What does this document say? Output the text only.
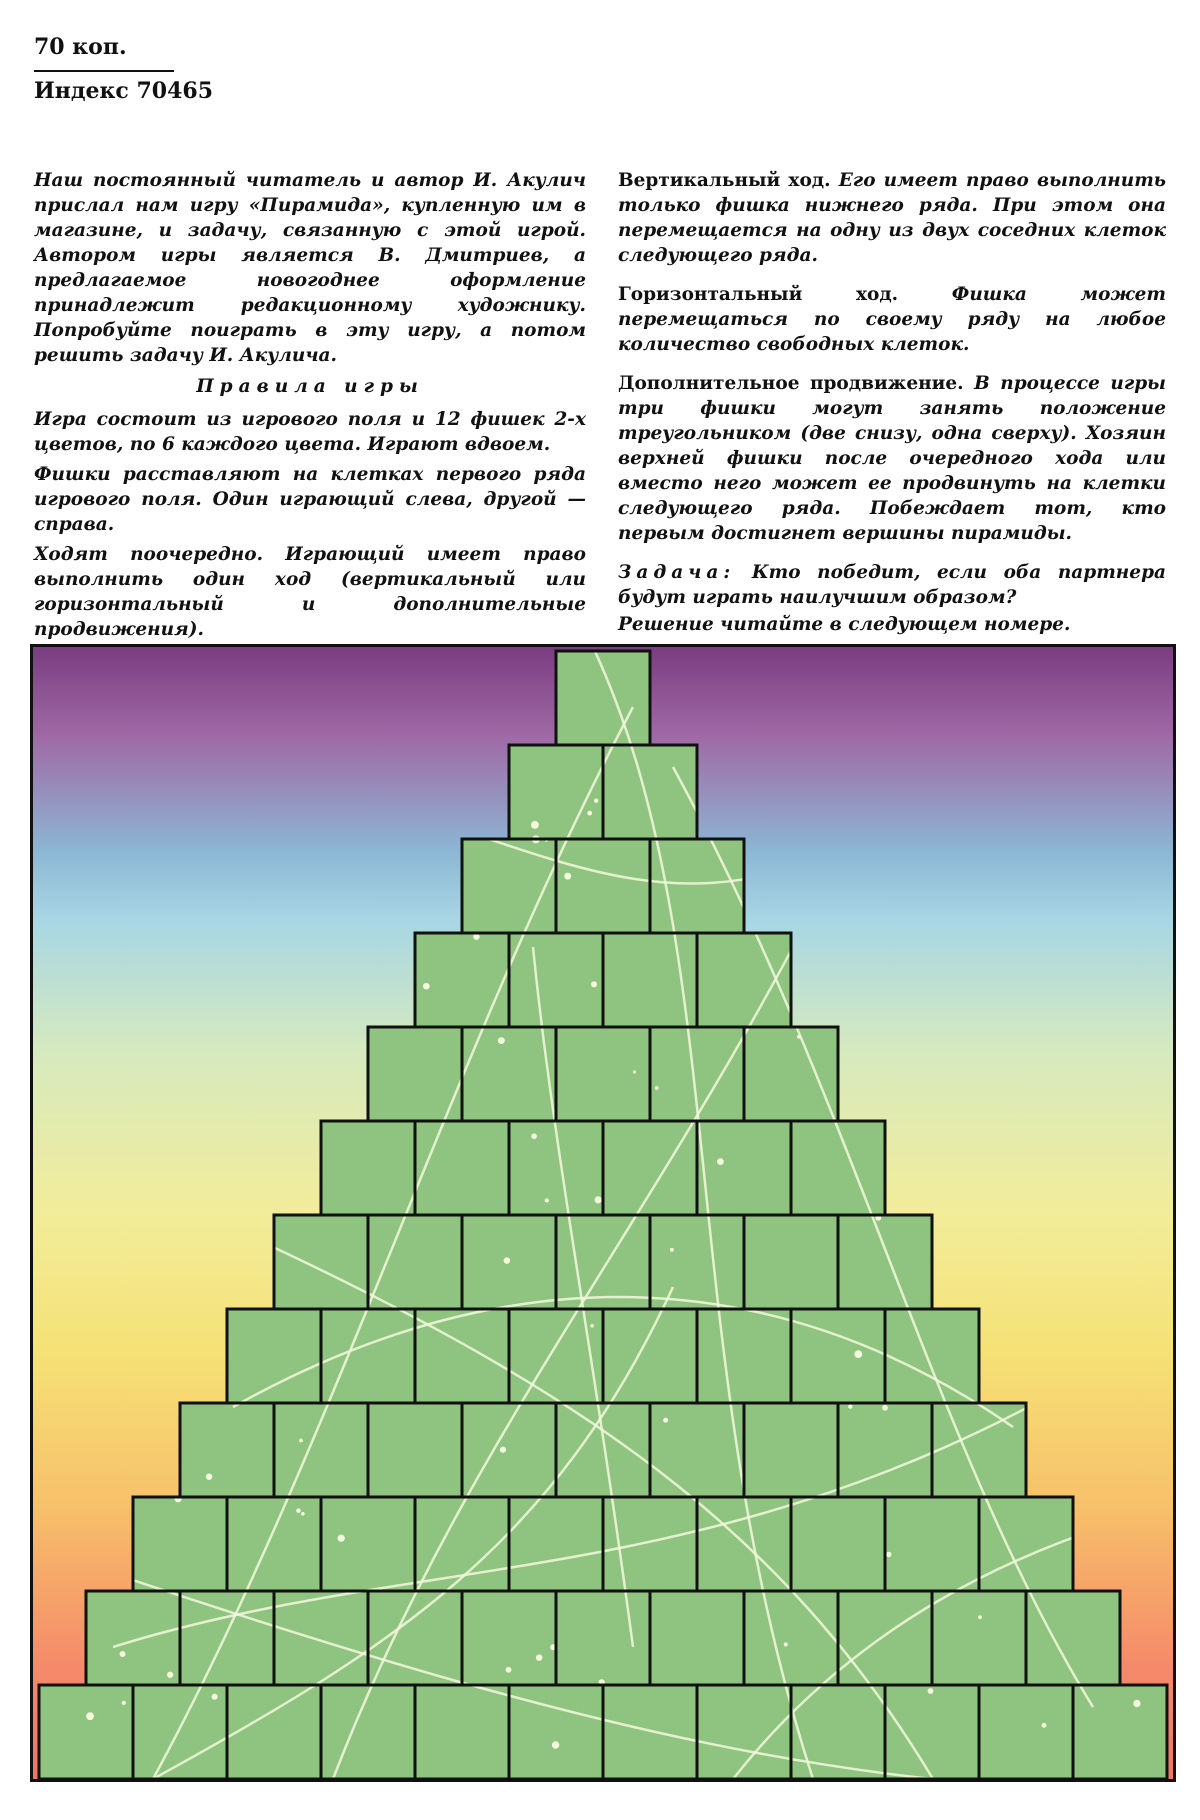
70 коп.
Индекс 70465

Наш постоянный читатель и автор И. Акулич прислал нам игру «Пирамида», купленную им в магазине, и задачу, связанную с этой игрой. Автором игры является В. Дмитриев, а предлагаемое новогоднее оформление принадлежит редакционному художнику. Попробуйте поиграть в эту игру, а потом решить задачу И. Акулича.

Правила игры

Игра состоит из игрового поля и 12 фишек 2-х цветов, по 6 каждого цвета. Играют вдвоем.

Фишки расставляют на клетках первого ряда игрового поля. Один играющий слева, другой — справа.

Ходят поочередно. Играющий имеет право выполнить один ход (вертикальный или горизонтальный и дополнительные продвижения).

Вертикальный ход. Его имеет право выполнить только фишка нижнего ряда. При этом она перемещается на одну из двух соседних клеток следующего ряда.

Горизонтальный ход.	Фишка может перемещаться по своему ряду на любое количество свободных клеток.

Дополнительное продвижение. В процессе игры три фишки могут занять положение треугольником (две снизу, одна сверху). Хозяин верхней фишки после очередного хода или вместо него может ее продвинуть на клетки следующего ряда. Побеждает тот, кто первым достигнет вершины пирамиды.

Задача: Кто победит, если оба партнера будут играть наилучшим образом?

Решение читайте в следующем номере.
